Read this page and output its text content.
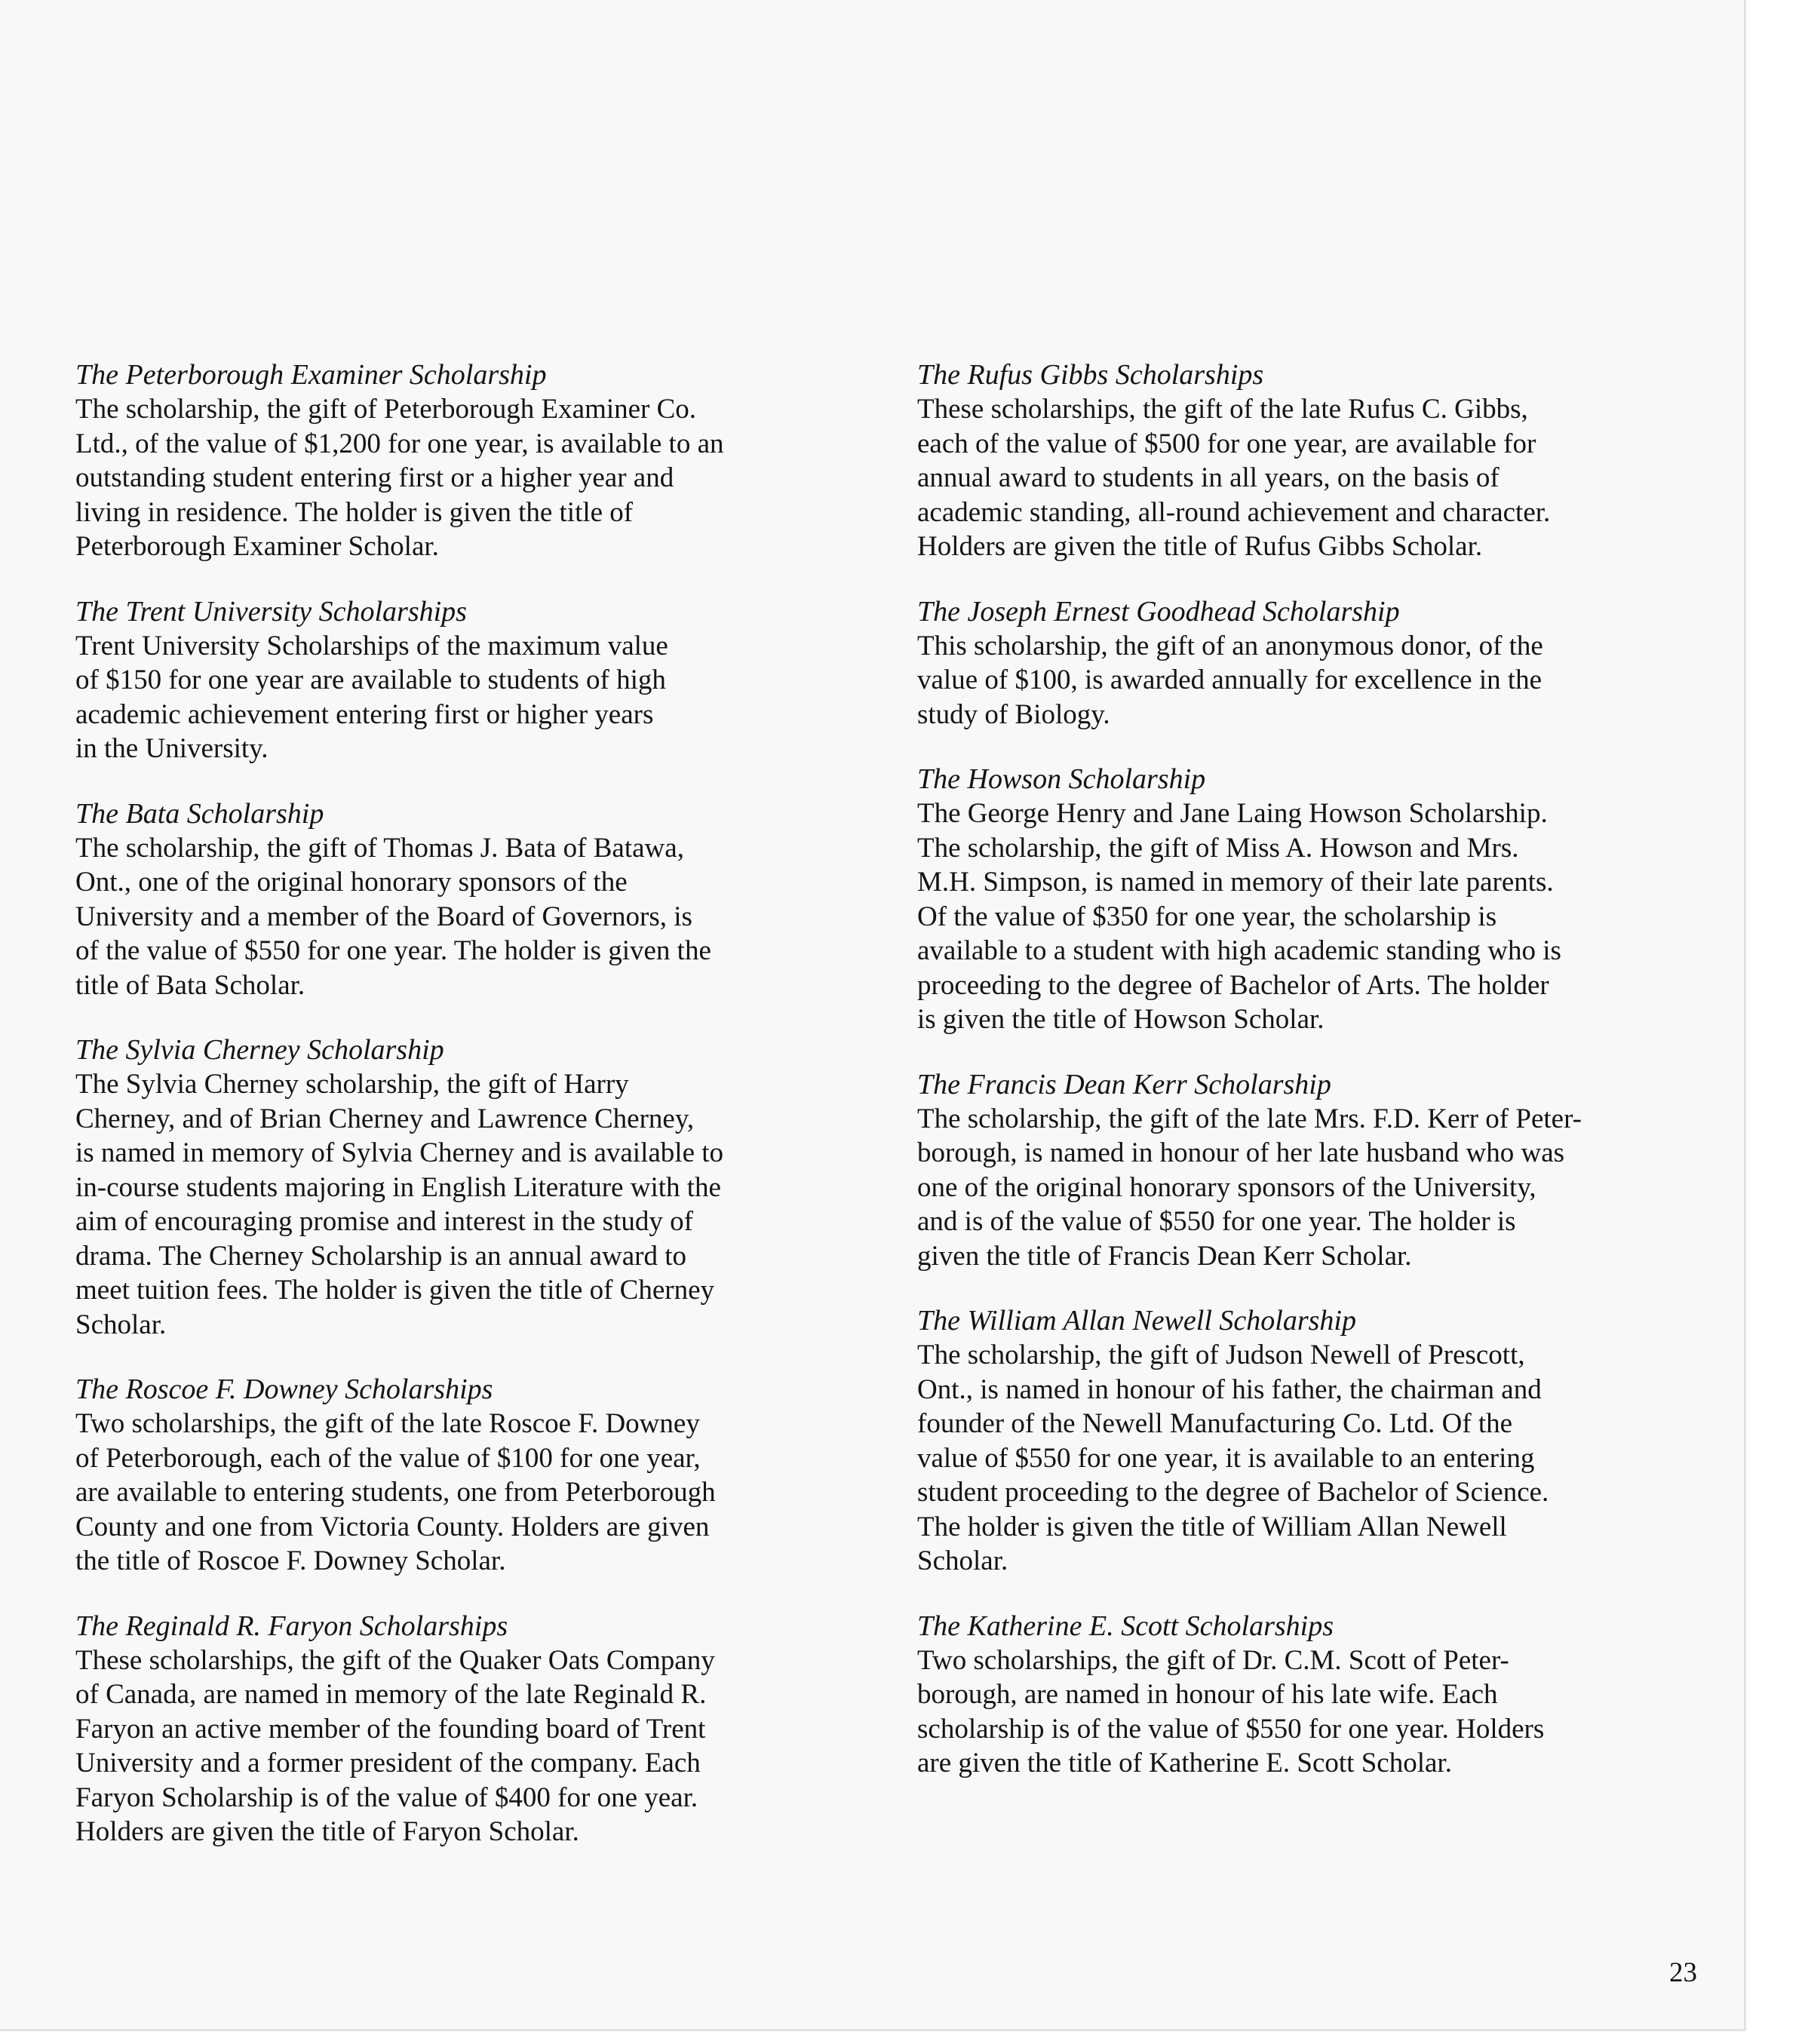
The Peterborough Examiner Scholarship

The scholarship, the gift of Peterborough Examiner Co.
Ltd., of the value of $1,200 for one year, is available to an
outstanding student entering first or a higher year and
living in residence. The holder is given the title of
Peterborough Examiner Scholar.

The Trent University Scholarships

Trent University Scholarships of the maximum value
of $150 for one year are available to students of high
academic achievement entering first or higher years
in the University.

The Bata Scholarship

The scholarship, the gift of Thomas J. Bata of Batawa,
Ont., one of the original honorary sponsors of the
University and a member of the Board of Governors, is
of the value of $550 for one year. The holder is given the
title of Bata Scholar.

The Sylvia Cherney Scholarship

The Sylvia Cherney scholarship, the gift of Harry
Cherney, and of Brian Cherney and Lawrence Cherney,
is named in memory of Sylvia Cherney and is available to
in-course students majoring in English Literature with the
aim of encouraging promise and interest in the study of
drama. The Cherney Scholarship is an annual award to
meet tuition fees. The holder is given the title of Cherney
Scholar.

The Roscoe F. Downey Scholarships

Two scholarships, the gift of the late Roscoe F. Downey
of Peterborough, each of the value of $100 for one year,
are available to entering students, one from Peterborough
County and one from Victoria County. Holders are given
the title of Roscoe F. Downey Scholar.

The Reginald R. Faryon Scholarships

These scholarships, the gift of the Quaker Oats Company
of Canada, are named in memory of the late Reginald R.
Faryon an active member of the founding board of Trent
University and a former president of the company. Each
Faryon Scholarship is of the value of $400 for one year.
Holders are given the title of Faryon Scholar.

The Rufus Gibbs Scholarships

These scholarships, the gift of the late Rufus C. Gibbs,
each of the value of $500 for one year, are available for
annual award to students in all years, on the basis of
academic standing, all-round achievement and character.
Holders are given the title of Rufus Gibbs Scholar.

The Joseph Ernest Goodhead Scholarship

This scholarship, the gift of an anonymous donor, of the
value of $100, is awarded annually for excellence in the
study of Biology.

The Howson Scholarship

The George Henry and Jane Laing Howson Scholarship.
The scholarship, the gift of Miss A. Howson and Mrs.
M.H. Simpson, is named in memory of their late parents.
Of the value of $350 for one year, the scholarship is
available to a student with high academic standing who is
proceeding to the degree of Bachelor of Arts. The holder
is given the title of Howson Scholar.

The Francis Dean Kerr Scholarship

The scholarship, the gift of the late Mrs. F.D. Kerr of Peter-
borough, is named in honour of her late husband who was
one of the original honorary sponsors of the University,
and is of the value of $550 for one year. The holder is
given the title of Francis Dean Kerr Scholar.

The William Allan Newell Scholarship

The scholarship, the gift of Judson Newell of Prescott,
Ont., is named in honour of his father, the chairman and
founder of the Newell Manufacturing Co. Ltd. Of the
value of $550 for one year, it is available to an entering
student proceeding to the degree of Bachelor of Science.
The holder is given the title of William Allan Newell
Scholar.

The Katherine E. Scott Scholarships

Two scholarships, the gift of Dr. C.M. Scott of Peter-
borough, are named in honour of his late wife. Each
scholarship is of the value of $550 for one year. Holders
are given the title of Katherine E. Scott Scholar.

23
